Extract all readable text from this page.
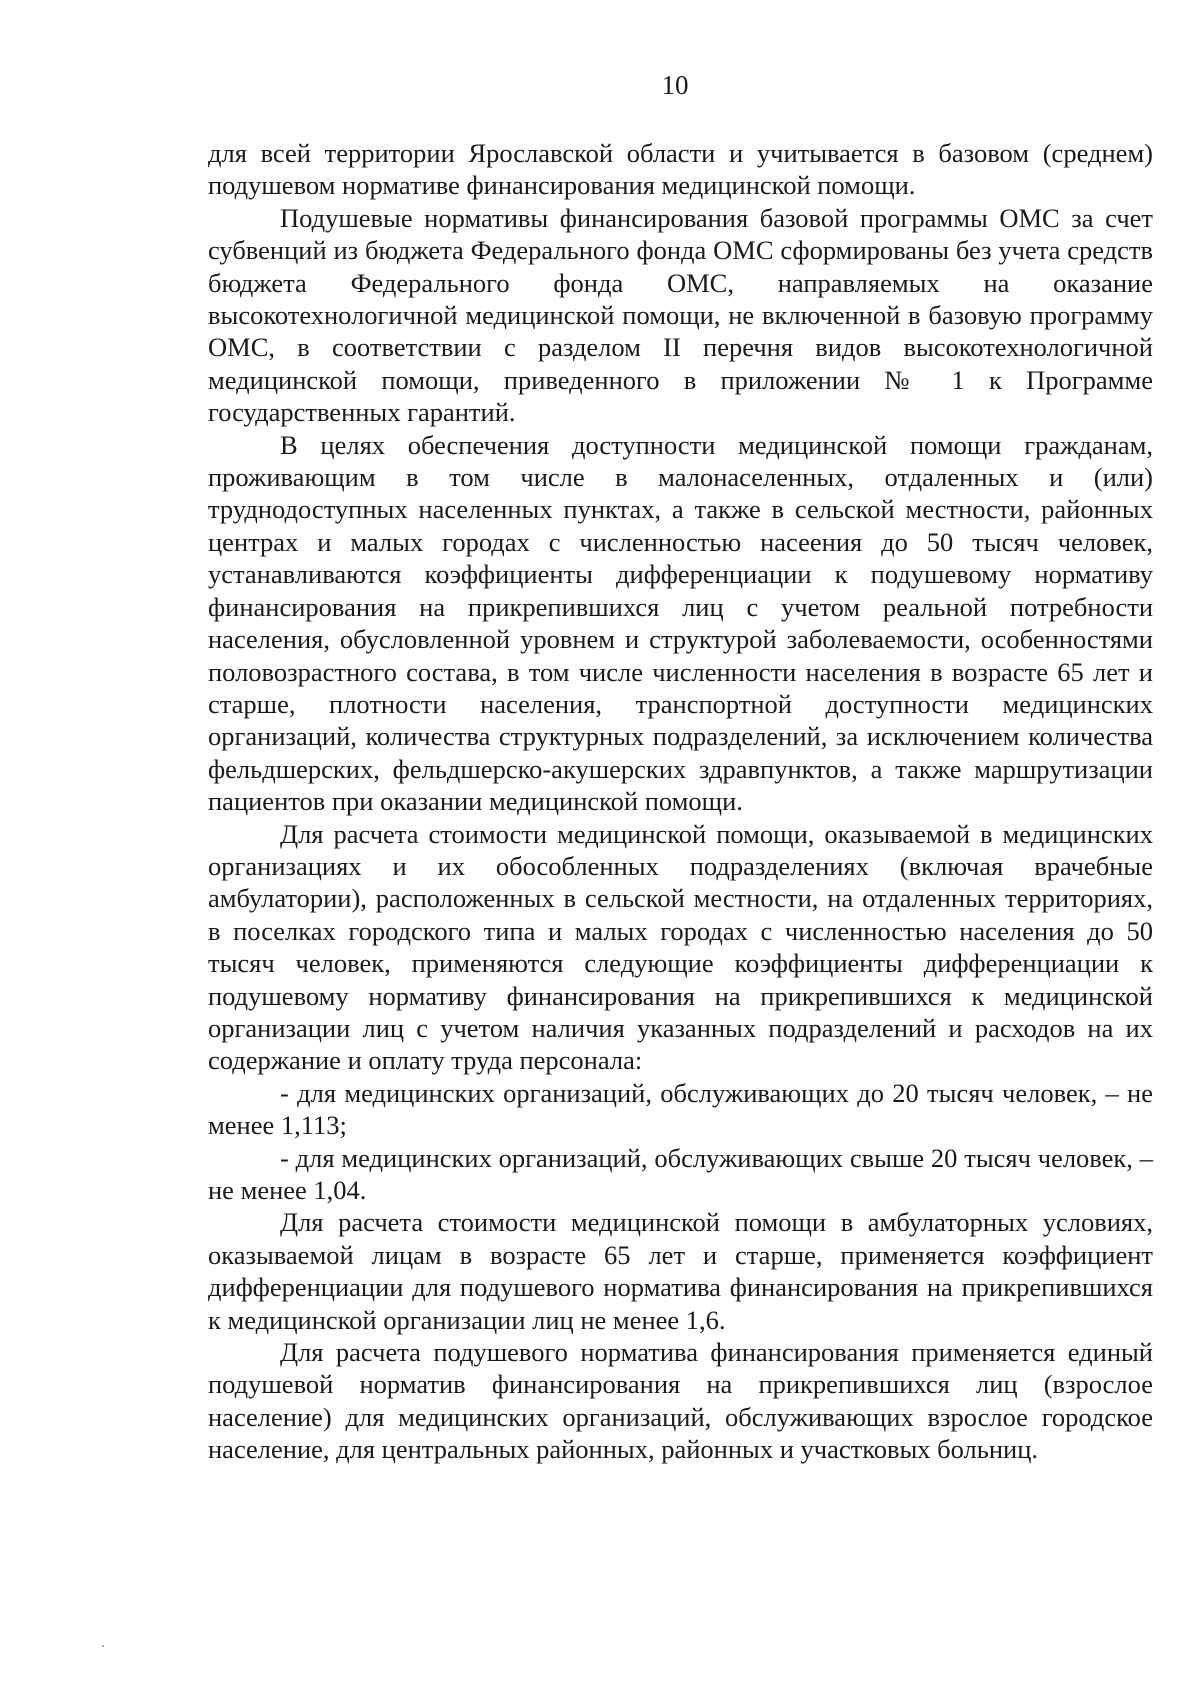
10

для всей территории Ярославской области и учитывается в базовом (среднем) подушевом нормативе финансирования медицинской помощи.

Подушевые нормативы финансирования базовой программы ОМС за счет субвенций из бюджета Федерального фонда ОМС сформированы без учета средств бюджета Федерального фонда ОМС, направляемых на оказание высокотехнологичной медицинской помощи, не включенной в базовую программу ОМС, в соответствии с разделом II перечня видов высокотехнологичной медицинской помощи, приведенного в приложении № 1 к Программе государственных гарантий.

В целях обеспечения доступности медицинской помощи гражданам, проживающим в том числе в малонаселенных, отдаленных и (или) труднодоступных населенных пунктах, а также в сельской местности, районных центрах и малых городах с численностью насеения до 50 тысяч человек, устанавливаются коэффициенты дифференциации к подушевому нормативу финансирования на прикрепившихся лиц с учетом реальной потребности населения, обусловленной уровнем и структурой заболеваемости, особенностями половозрастного состава, в том числе численности населения в возрасте 65 лет и старше, плотности населения, транспортной доступности медицинских организаций, количества структурных подразделений, за исключением количества фельдшерских, фельдшерско-акушерских здравпунктов, а также маршрутизации пациентов при оказании медицинской помощи.

Для расчета стоимости медицинской помощи, оказываемой в медицинских организациях и их обособленных подразделениях (включая врачебные амбулатории), расположенных в сельской местности, на отдаленных территориях, в поселках городского типа и малых городах с численностью населения до 50 тысяч человек, применяются следующие коэффициенты дифференциации к подушевому нормативу финансирования на прикрепившихся к медицинской организации лиц с учетом наличия указанных подразделений и расходов на их содержание и оплату труда персонала:

- для медицинских организаций, обслуживающих до 20 тысяч человек, – не менее 1,113;

- для медицинских организаций, обслуживающих свыше 20 тысяч человек, – не менее 1,04.

Для расчета стоимости медицинской помощи в амбулаторных условиях, оказываемой лицам в возрасте 65 лет и старше, применяется коэффициент дифференциации для подушевого норматива финансирования на прикрепившихся к медицинской организации лиц не менее 1,6.

Для расчета подушевого норматива финансирования применяется единый подушевой норматив финансирования на прикрепившихся лиц (взрослое население) для медицинских организаций, обслуживающих взрослое городское население, для центральных районных, районных и участковых больниц.
